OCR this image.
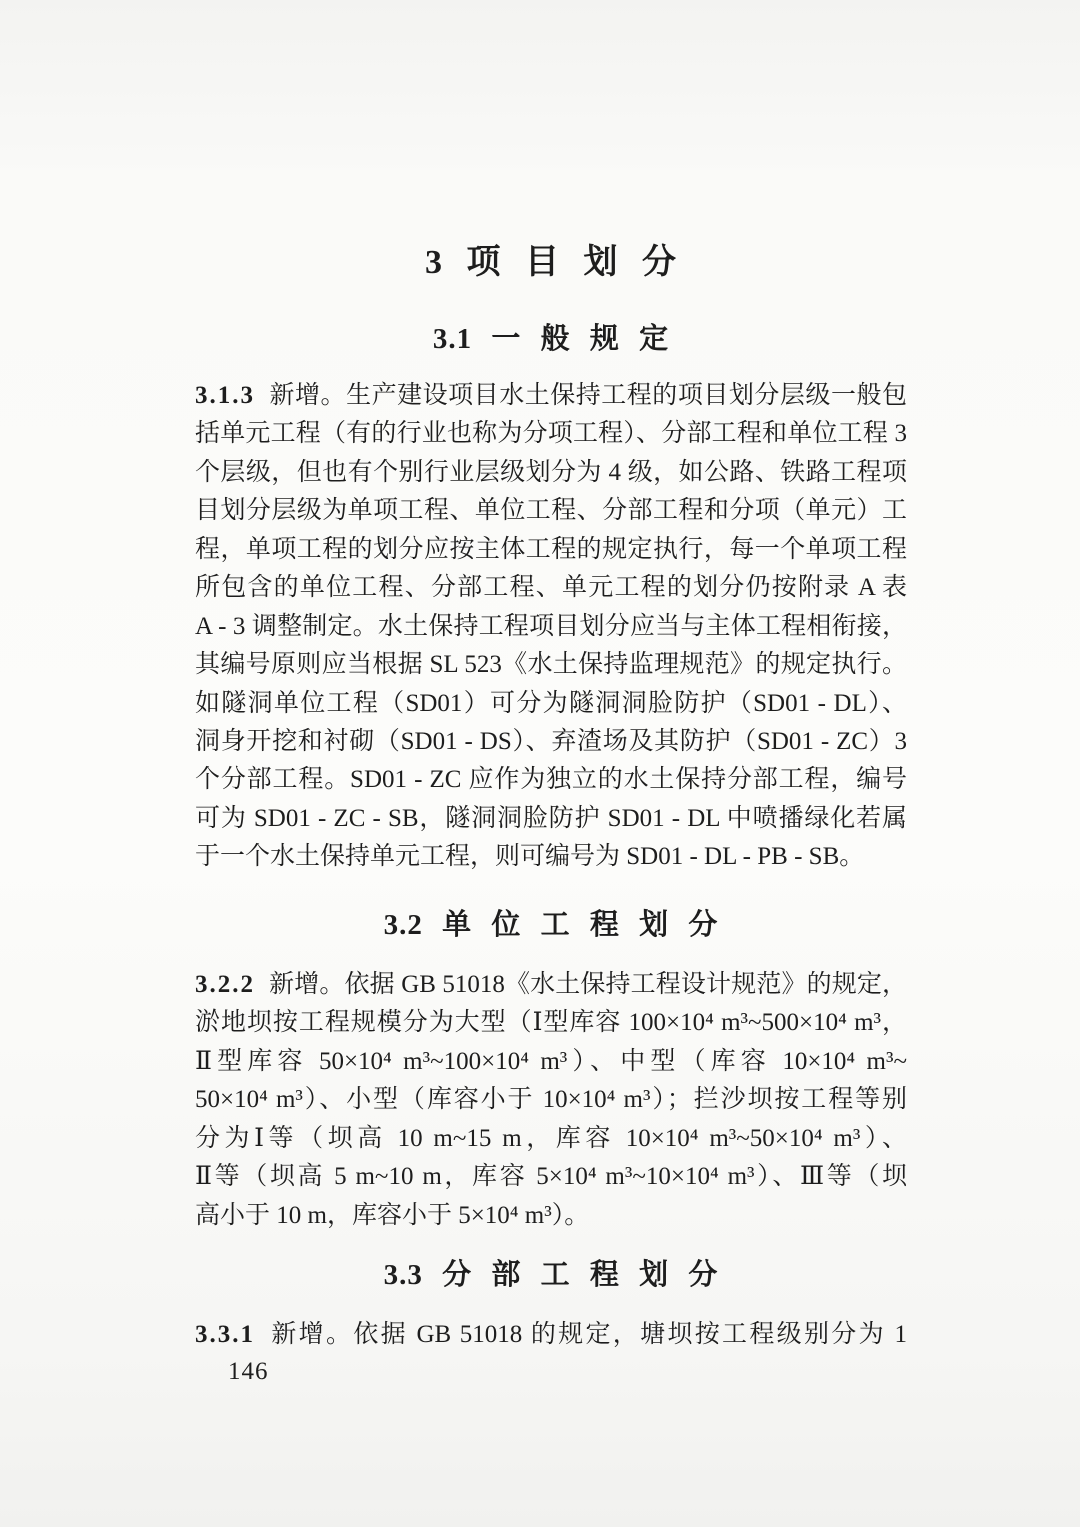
3 项 目 划 分
3.1 一 般 规 定
3.1.3 新增。生产建设项目水土保持工程的项目划分层级一般包
括单元工程（有的行业也称为分项工程）、分部工程和单位工程 3
个层级，但也有个别行业层级划分为 4 级，如公路、铁路工程项
目划分层级为单项工程、单位工程、分部工程和分项（单元）工
程，单项工程的划分应按主体工程的规定执行，每一个单项工程
所包含的单位工程、分部工程、单元工程的划分仍按附录 A 表
A - 3 调整制定。水土保持工程项目划分应当与主体工程相衔接，
其编号原则应当根据 SL 523《水土保持监理规范》的规定执行。
如隧洞单位工程（SD01）可分为隧洞洞脸防护（SD01 - DL）、
洞身开挖和衬砌（SD01 - DS）、弃渣场及其防护（SD01 - ZC）3
个分部工程。SD01 - ZC 应作为独立的水土保持分部工程，编号
可为 SD01 - ZC - SB，隧洞洞脸防护 SD01 - DL 中喷播绿化若属
于一个水土保持单元工程，则可编号为 SD01 - DL - PB - SB。
3.2 单 位 工 程 划 分
3.2.2 新增。依据 GB 51018《水土保持工程设计规范》的规定，
淤地坝按工程规模分为大型（Ⅰ型库容 100×10⁴ m³~500×10⁴ m³，
Ⅱ型库容 50×10⁴ m³~100×10⁴ m³）、中型（库容 10×10⁴ m³~
50×10⁴ m³）、小型（库容小于 10×10⁴ m³）；拦沙坝按工程等别
分为Ⅰ等（坝高 10 m~15 m，库容 10×10⁴ m³~50×10⁴ m³）、
Ⅱ等（坝高 5 m~10 m，库容 5×10⁴ m³~10×10⁴ m³）、Ⅲ等（坝
高小于 10 m，库容小于 5×10⁴ m³）。
3.3 分 部 工 程 划 分
3.3.1 新增。依据 GB 51018 的规定，塘坝按工程级别分为 1
146
